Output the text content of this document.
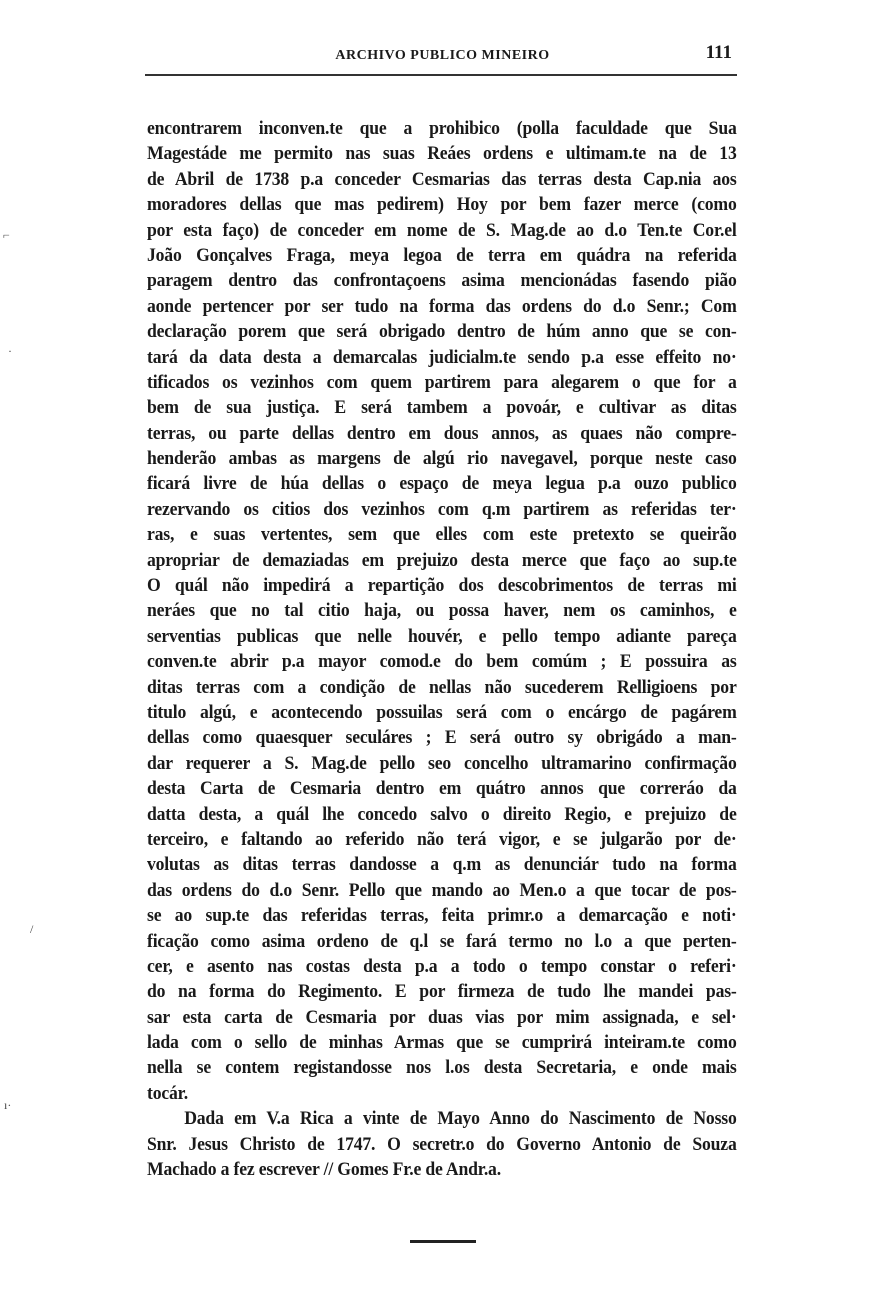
ARCHIVO PUBLICO MINEIRO	111
encontrarem inconven.te que a prohibico (polla faculdade que Sua
Magestáde me permito nas suas Reáes ordens e ultimam.te na de 13
de Abril de 1738 p.a conceder Cesmarias das terras desta Cap.nia aos
moradores dellas que mas pedirem) Hoy por bem fazer merce (como
por esta faço) de conceder em nome de S. Mag.de ao d.o Ten.te Cor.el
João Gonçalves Fraga, meya legoa de terra em quádra na referida
paragem dentro das confrontaçoens asima mencionádas fasendo pião
aonde pertencer por ser tudo na forma das ordens do d.o Senr.; Com
declaração porem que será obrigado dentro de húm anno que se con-
tará da data desta a demarcalas judicialm.te sendo p.a esse effeito no·
tificados os vezinhos com quem partirem para alegarem o que for a
bem de sua justiça. E será tambem a povoár, e cultivar as ditas
terras, ou parte dellas dentro em dous annos, as quaes não compre-
henderão ambas as margens de algú rio navegavel, porque neste caso
ficará livre de húa dellas o espaço de meya legua p.a ouzo publico
rezervando os citios dos vezinhos com q.m partirem as referidas ter·
ras, e suas vertentes, sem que elles com este pretexto se queirão
apropriar de demaziadas em prejuizo desta merce que faço ao sup.te
O quál não impedirá a repartição dos descobrimentos de terras mi
neráes que no tal citio haja, ou possa haver, nem os caminhos, e
serventias publicas que nelle houvér, e pello tempo adiante pareça
conven.te abrir p.a mayor comod.e do bem comúm ; E possuira as
ditas terras com a condição de nellas não sucederem Relligioens por
titulo algú, e acontecendo possuilas será com o encárgo de pagárem
dellas como quaesquer seculáres ; E será outro sy obrigádo a man-
dar requerer a S. Mag.de pello seo concelho ultramarino confirmação
desta Carta de Cesmaria dentro em quátro annos que correráo da
datta desta, a quál lhe concedo salvo o direito Regio, e prejuizo de
terceiro, e faltando ao referido não terá vigor, e se julgarão por de·
volutas as ditas terras dandosse a q.m as denunciár tudo na forma
das ordens do d.o Senr. Pello que mando ao Men.o a que tocar de pos-
se ao sup.te das referidas terras, feita primr.o a demarcação e noti·
ficação como asima ordeno de q.l se fará termo no l.o a que perten-
cer, e asento nas costas desta p.a a todo o tempo constar o referi·
do na forma do Regimento. E por firmeza de tudo lhe mandei pas-
sar esta carta de Cesmaria por duas vias por mim assignada, e sel·
lada com o sello de minhas Armas que se cumprirá inteiram.te como
nella se contem registandosse nos l.os desta Secretaria, e onde mais
tocár.
Dada em V.a Rica a vinte de Mayo Anno do Nascimento de Nosso
Snr. Jesus Christo de 1747. O secretr.o do Governo Antonio de Souza
Machado a fez escrever // Gomes Fr.e de Andr.a.
⌐
·
/
ı·
